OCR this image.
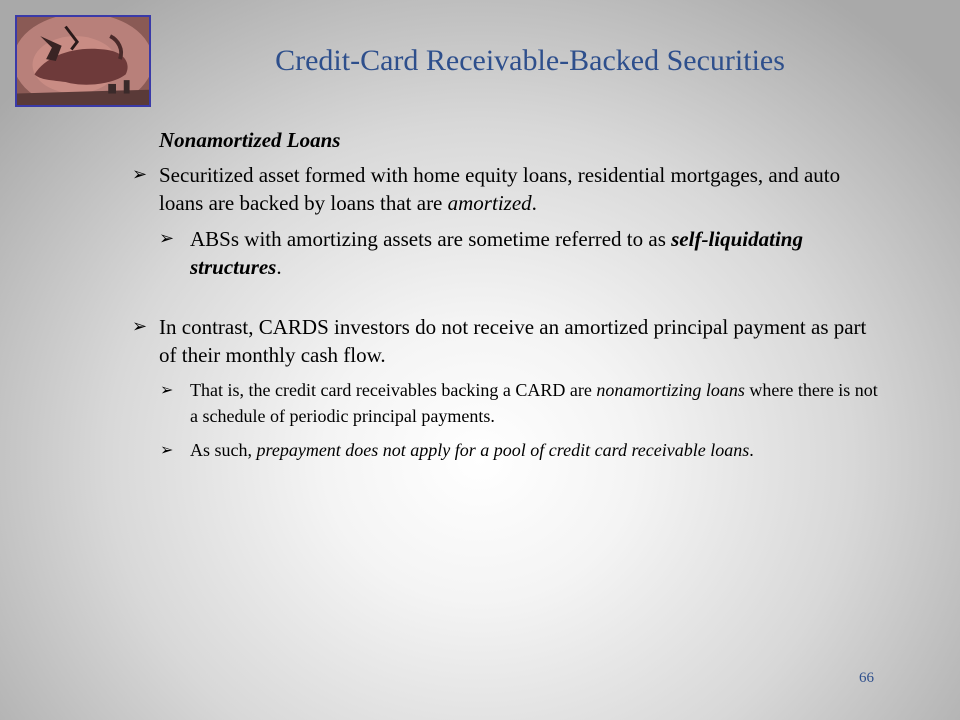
Credit-Card Receivable-Backed Securities
Nonamortized Loans
➢ Securitized asset formed with home equity loans, residential mortgages, and auto loans are backed by loans that are amortized.
➢ ABSs with amortizing assets are sometime referred to as self-liquidating structures.
➢ In contrast, CARDS investors do not receive an amortized principal payment as part of their monthly cash flow.
➢ That is, the credit card receivables backing a CARD are nonamortizing loans where there is not a schedule of periodic principal payments.
➢ As such, prepayment does not apply for a pool of credit card receivable loans.
66
